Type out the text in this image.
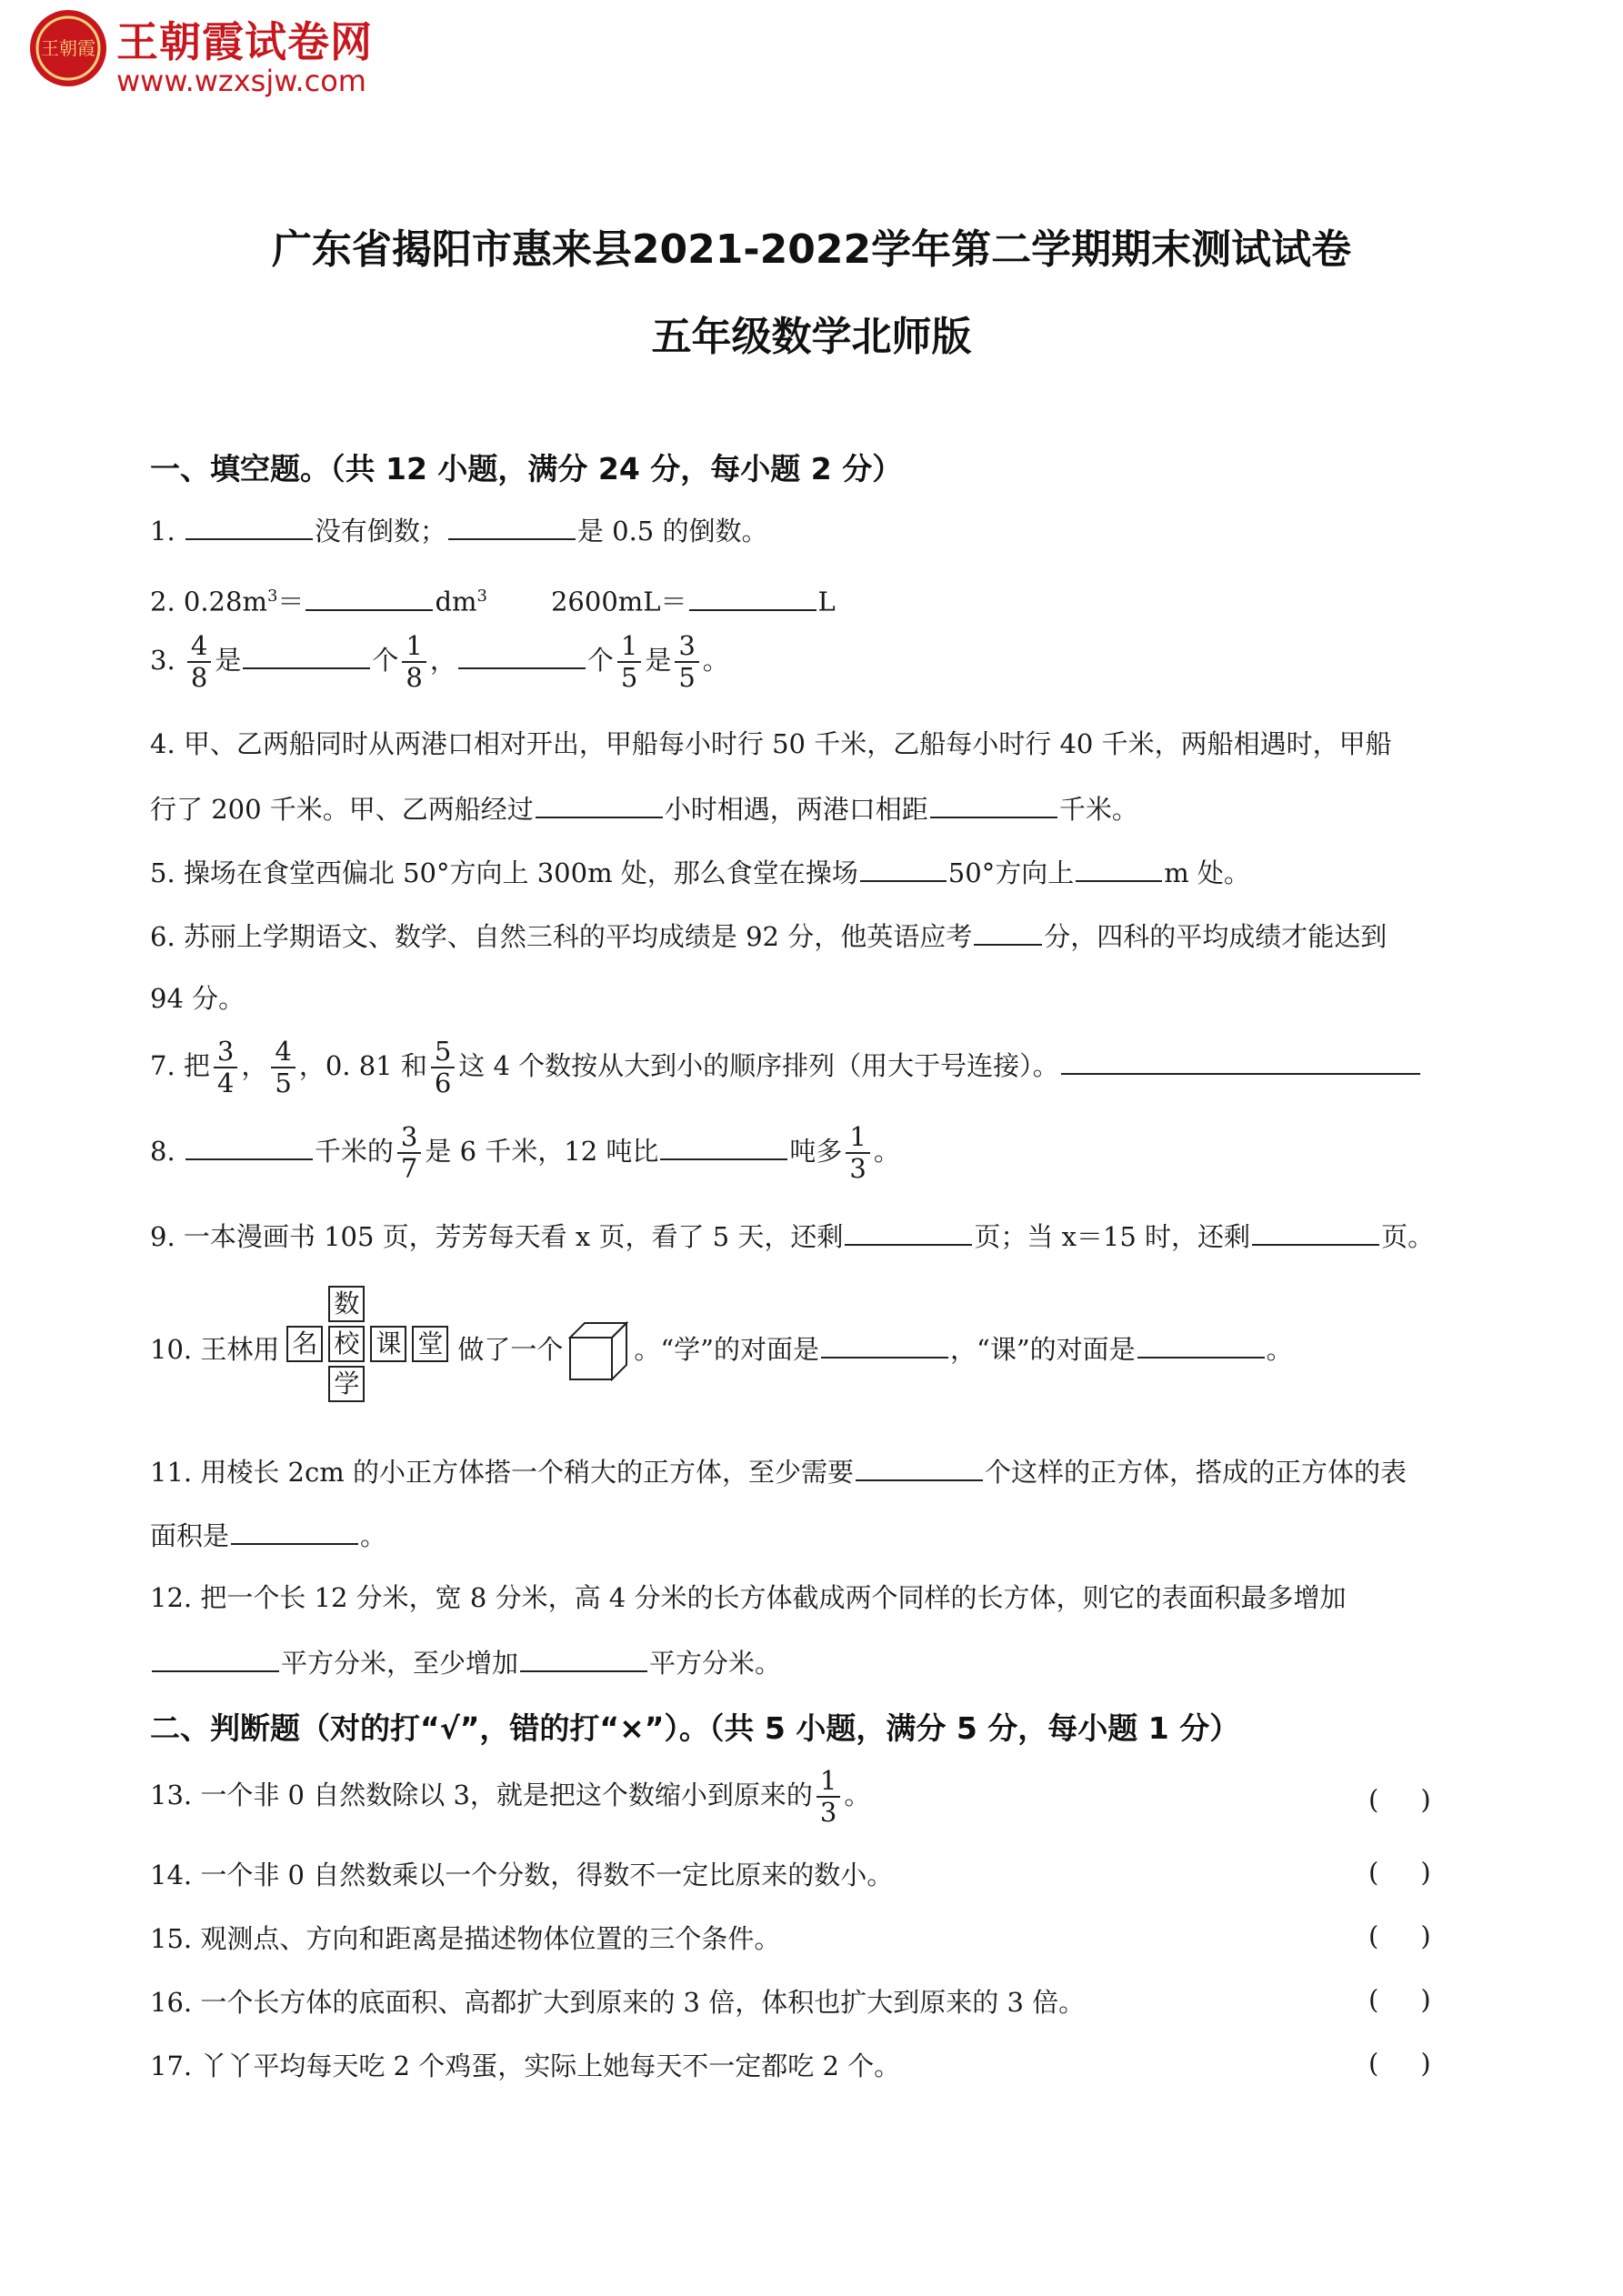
王朝霞 王朝霞试卷网
www.wzxsjw.com
广东省揭阳市惠来县2021-2022学年第二学期期末测试试卷
五年级数学北师版
一、填空题。（共 12 小题，满分 24 分，每小题 2 分）
1.	没有倒数；	是 0.5 的倒数。
2. $0.28m^3=$	$dm^3$ 2600mL＝	L
3. $\frac{4}{8}$ 是	个 $\frac{1}{8}$ ，	个 $\frac{1}{5}$ 是 $\frac{3}{5}$ 。
4. 甲、乙两船同时从两港口相对开出，甲船每小时行 50 千米，乙船每小时行 40 千米，两船相遇时，甲船
行了 200 千米。甲、乙两船经过	小时相遇，两港口相距	千米。
5. 操场在食堂西偏北 50°方向上 300m 处，那么食堂在操场	50°方向上	m 处。
6. 苏丽上学期语文、数学、自然三科的平均成绩是 92 分，他英语应考	分，四科的平均成绩才能达到
94 分。
7. 把 $\frac{3}{4}$ ， $\frac{4}{5}$ ，0. 81 和 $\frac{5}{6}$ 这 4 个数按从大到小的顺序排列（用大于号连接）。
8.	千米的 $\frac{3}{7}$ 是 6 千米，12 吨比	吨多 $\frac{1}{3}$ 。
9. 一本漫画书 105 页，芳芳每天看 x 页，看了 5 天，还剩	页；当 x＝15 时，还剩	页。
10. 王林用
数
名 校 课 堂
学
做了一个	。“学”的对面是	，“课”的对面是	。
11. 用棱长 2cm 的小正方体搭一个稍大的正方体，至少需要	个这样的正方体，搭成的正方体的表
面积是	。
12. 把一个长 12 分米，宽 8 分米，高 4 分米的长方体截成两个同样的长方体，则它的表面积最多增加
平方分米，至少增加	平方分米。
二、判断题（对的打“√”，错的打“×”）。（共 5 小题，满分 5 分，每小题 1 分）
13. 一个非 0 自然数除以 3，就是把这个数缩小到原来的 $\frac{1}{3}$ 。	(     )
14. 一个非 0 自然数乘以一个分数，得数不一定比原来的数小。	(     )
15. 观测点、方向和距离是描述物体位置的三个条件。	(     )
16. 一个长方体的底面积、高都扩大到原来的 3 倍，体积也扩大到原来的 3 倍。	(     )
17. 丫丫平均每天吃 2 个鸡蛋，实际上她每天不一定都吃 2 个。	(     )
